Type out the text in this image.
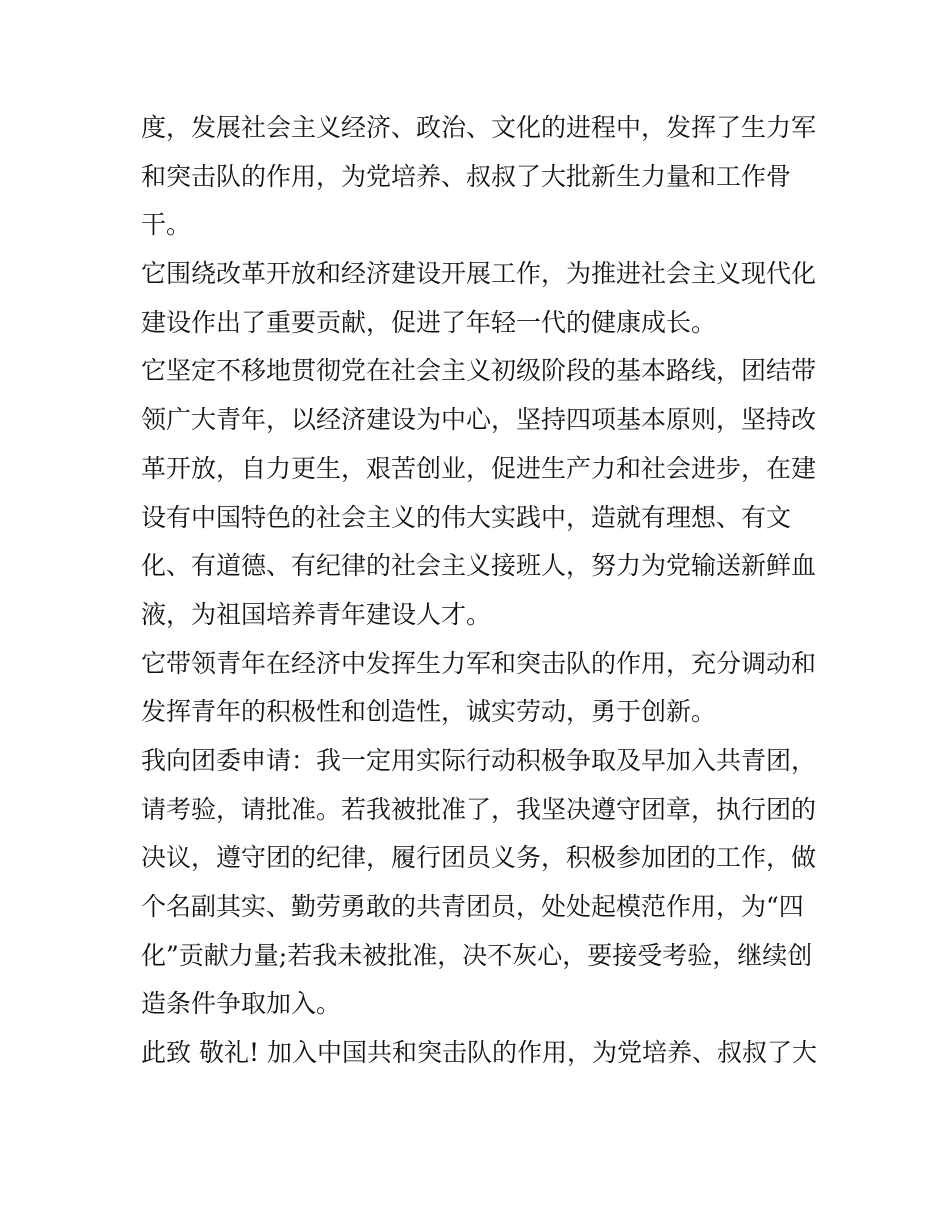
度，发展社会主义经济、政治、文化的进程中，发挥了生力军
和突击队的作用，为党培养、叔叔了大批新生力量和工作骨
干。
它围绕改革开放和经济建设开展工作，为推进社会主义现代化
建设作出了重要贡献，促进了年轻一代的健康成长。
它坚定不移地贯彻党在社会主义初级阶段的基本路线，团结带
领广大青年，以经济建设为中心，坚持四项基本原则，坚持改
革开放，自力更生，艰苦创业，促进生产力和社会进步，在建
设有中国特色的社会主义的伟大实践中，造就有理想、有文
化、有道德、有纪律的社会主义接班人，努力为党输送新鲜血
液，为祖国培养青年建设人才。
它带领青年在经济中发挥生力军和突击队的作用，充分调动和
发挥青年的积极性和创造性，诚实劳动，勇于创新。
我向团委申请：我一定用实际行动积极争取及早加入共青团，
请考验，请批准。若我被批准了，我坚决遵守团章，执行团的
决议，遵守团的纪律，履行团员义务，积极参加团的工作，做
个名副其实、勤劳勇敢的共青团员，处处起模范作用，为“四
化”贡献力量;若我未被批准，决不灰心，要接受考验，继续创
造条件争取加入。
此致 敬礼! 加入中国共和突击队的作用，为党培养、叔叔了大
